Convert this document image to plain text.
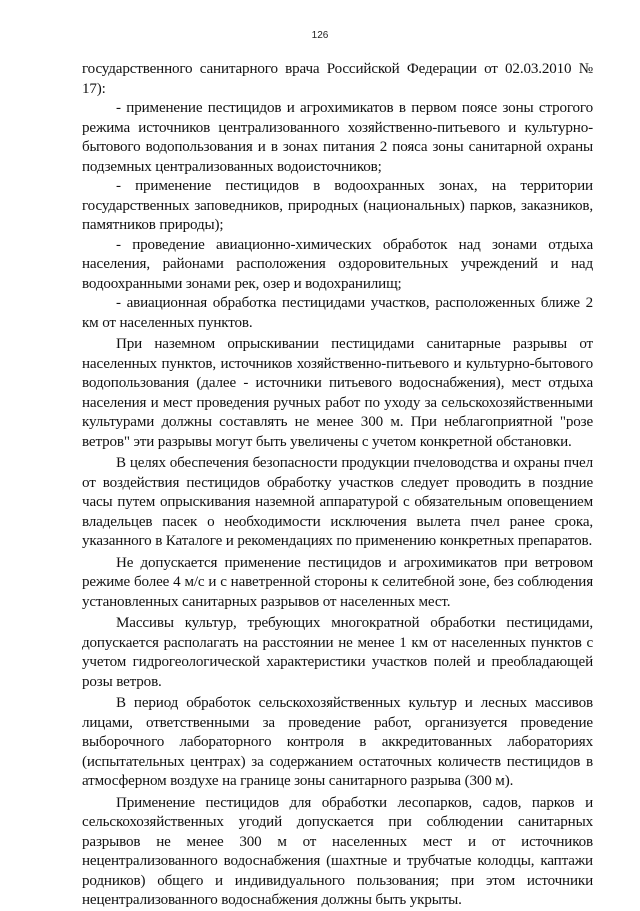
126

государственного санитарного врача Российской Федерации от 02.03.2010 № 17):

- применение пестицидов и агрохимикатов в первом поясе зоны строгого режима источников централизованного хозяйственно-питьевого и культурно-бытового водопользования и в зонах питания 2 пояса зоны санитарной охраны подземных централизованных водоисточников;

- применение пестицидов в водоохранных зонах, на территории государственных заповедников, природных (национальных) парков, заказников, памятников природы);

- проведение авиационно-химических обработок над зонами отдыха населения, районами расположения оздоровительных учреждений и над водоохранными зонами рек, озер и водохранилищ;

- авиационная обработка пестицидами участков, расположенных ближе 2 км от населенных пунктов.

При наземном опрыскивании пестицидами санитарные разрывы от населенных пунктов, источников хозяйственно-питьевого и культурно-бытового водопользования (далее - источники питьевого водоснабжения), мест отдыха населения и мест проведения ручных работ по уходу за сельскохозяйственными культурами должны составлять не менее 300 м. При неблагоприятной "розе ветров" эти разрывы могут быть увеличены с учетом конкретной обстановки.

В целях обеспечения безопасности продукции пчеловодства и охраны пчел от воздействия пестицидов обработку участков следует проводить в поздние часы путем опрыскивания наземной аппаратурой с обязательным оповещением владельцев пасек о необходимости исключения вылета пчел ранее срока, указанного в Каталоге и рекомендациях по применению конкретных препаратов.

Не допускается применение пестицидов и агрохимикатов при ветровом режиме более 4 м/с и с наветренной стороны к селитебной зоне, без соблюдения установленных санитарных разрывов от населенных мест.

Массивы культур, требующих многократной обработки пестицидами, допускается располагать на расстоянии не менее 1 км от населенных пунктов с учетом гидрогеологической характеристики участков полей и преобладающей розы ветров.

В период обработок сельскохозяйственных культур и лесных массивов лицами, ответственными за проведение работ, организуется проведение выборочного лабораторного контроля в аккредитованных лабораториях (испытательных центрах) за содержанием остаточных количеств пестицидов в атмосферном воздухе на границе зоны санитарного разрыва (300 м).

Применение пестицидов для обработки лесопарков, садов, парков и сельскохозяйственных угодий допускается при соблюдении санитарных разрывов не менее 300 м от населенных мест и от источников нецентрализованного водоснабжения (шахтные и трубчатые колодцы, каптажи родников) общего и индивидуального пользования; при этом источники нецентрализованного водоснабжения должны быть укрыты.
